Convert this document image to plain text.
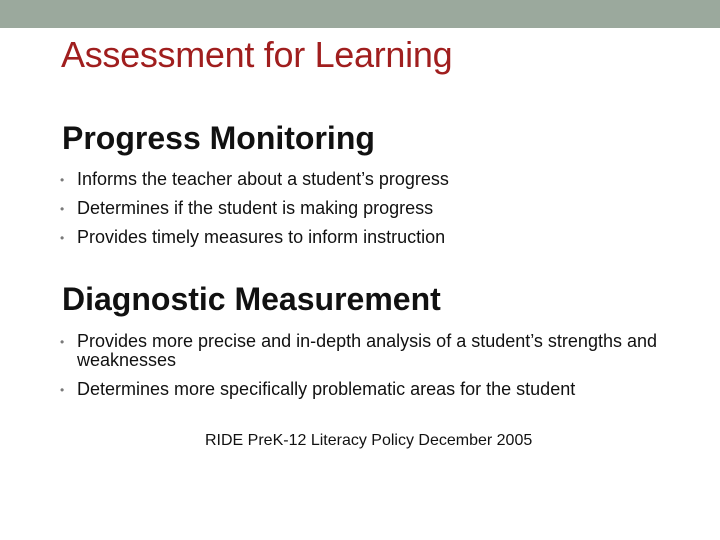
Assessment for Learning
Progress Monitoring
• Informs the teacher about a student’s progress
• Determines if the student is making progress
• Provides timely measures to inform instruction
Diagnostic Measurement
• Provides more precise and in-depth analysis of a student’s strengths and weaknesses
• Determines more specifically problematic areas for the student

RIDE PreK-12 Literacy Policy December 2005
